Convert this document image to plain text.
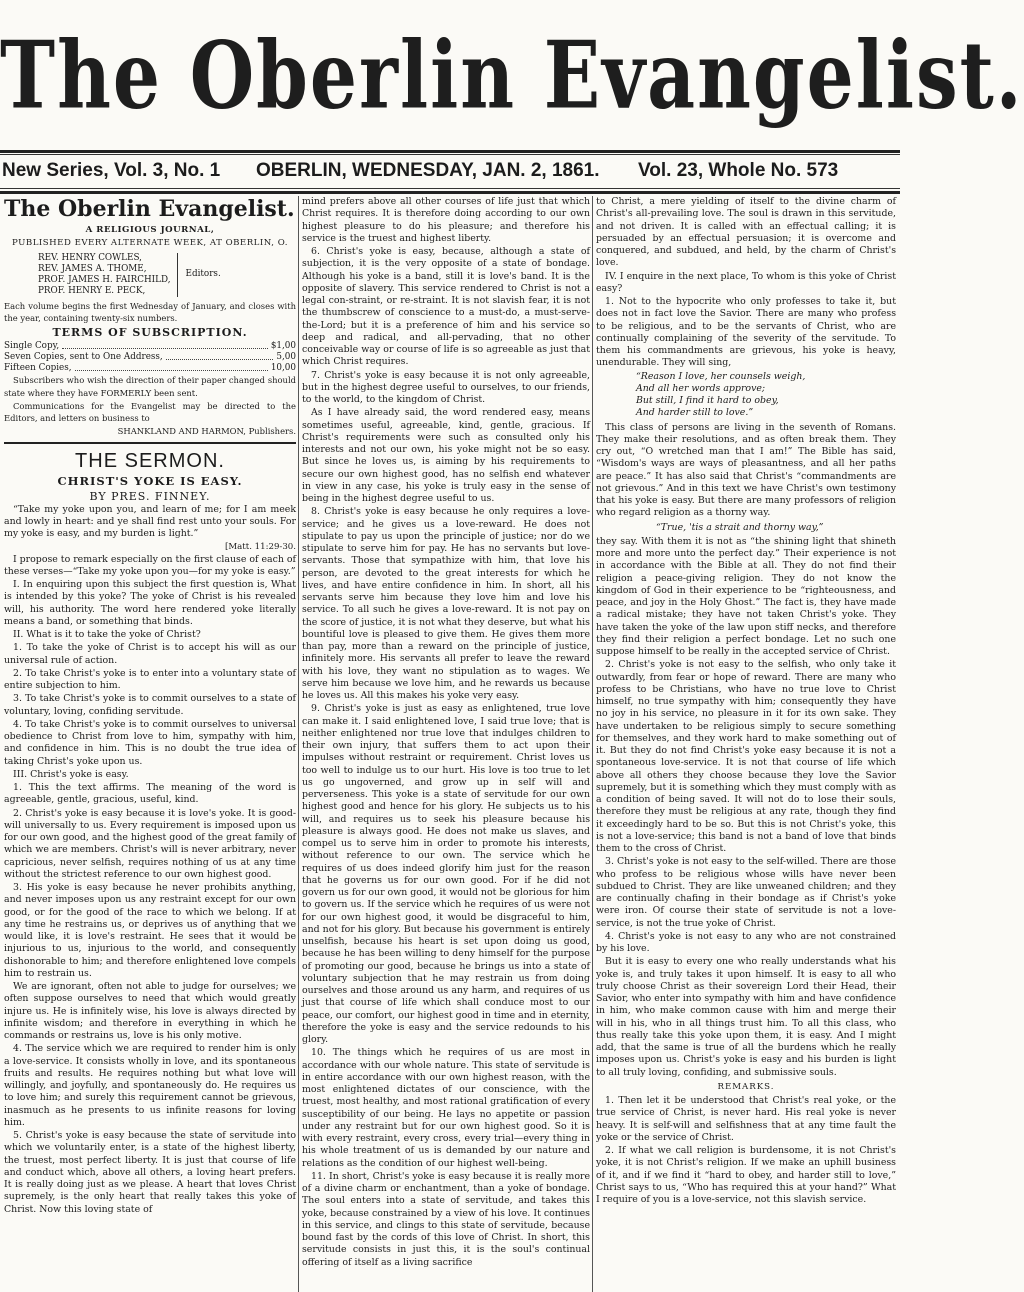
The Oberlin Evangelist.
New Series, Vol. 3, No. 1 OBERLIN, WEDNESDAY, JAN. 2, 1861. Vol. 23, Whole No. 573
The Oberlin Evangelist.

A RELIGIOUS JOURNAL,

PUBLISHED EVERY ALTERNATE WEEK, AT OBERLIN, O.

REV. HENRY COWLES,
REV. JAMES A. THOME,
PROF. JAMES H. FAIRCHILD,
PROF. HENRY E. PECK,
Editors.

Each volume begins the first Wednesday of January, and closes with the year, containing twenty-six numbers.

TERMS OF SUBSCRIPTION.
Single Copy,	$1,00
Seven Copies, sent to One Address,	5,00
Fifteen Copies,	10,00

Subscribers who wish the direction of their paper changed should state where they have FORMERLY been sent.

Communications for the Evangelist may be directed to the Editors, and letters on business to

SHANKLAND AND HARMON, Publishers.

THE SERMON.
CHRIST'S YOKE IS EASY.
BY PRES. FINNEY.

“Take my yoke upon you, and learn of me; for I am meek and lowly in heart: and ye shall find rest unto your souls. For my yoke is easy, and my burden is light.”

[Matt. 11:29-30.

I propose to remark especially on the first clause of each of these verses—“Take my yoke upon you—for my yoke is easy.”

I. In enquiring upon this subject the first question is, What is intended by this yoke? The yoke of Christ is his revealed will, his authority. The word here rendered yoke literally means a band, or something that binds.

II. What is it to take the yoke of Christ?

1. To take the yoke of Christ is to accept his will as our universal rule of action.

2. To take Christ's yoke is to enter into a voluntary state of entire subjection to him.

3. To take Christ's yoke is to commit ourselves to a state of voluntary, loving, confiding servitude.

4. To take Christ's yoke is to commit ourselves to universal obedience to Christ from love to him, sympathy with him, and confidence in him. This is no doubt the true idea of taking Christ's yoke upon us.

III. Christ's yoke is easy.

1. This the text affirms. The meaning of the word is agreeable, gentle, gracious, useful, kind.

2. Christ's yoke is easy because it is love's yoke. It is good-will universally to us. Every requirement is imposed upon us for our own good, and the highest good of the great family of which we are members. Christ's will is never arbitrary, never capricious, never selfish, requires nothing of us at any time without the strictest reference to our own highest good.

3. His yoke is easy because he never prohibits anything, and never imposes upon us any restraint except for our own good, or for the good of the race to which we belong. If at any time he restrains us, or deprives us of anything that we would like, it is love's restraint. He sees that it would be injurious to us, injurious to the world, and consequently dishonorable to him; and therefore enlightened love compels him to restrain us.

We are ignorant, often not able to judge for ourselves; we often suppose ourselves to need that which would greatly injure us. He is infinitely wise, his love is always directed by infinite wisdom; and therefore in everything in which he commands or restrains us, love is his only motive.

4. The service which we are required to render him is only a love-service. It consists wholly in love, and its spontaneous fruits and results. He requires nothing but what love will willingly, and joyfully, and spontaneously do. He requires us to love him; and surely this requirement cannot be grievous, inasmuch as he presents to us infinite reasons for loving him.

5. Christ's yoke is easy because the state of servitude into which we voluntarily enter, is a state of the highest liberty, the truest, most perfect liberty. It is just that course of life and conduct which, above all others, a loving heart prefers. It is really doing just as we please. A heart that loves Christ supremely, is the only heart that really takes this yoke of Christ. Now this loving state of

mind prefers above all other courses of life just that which Christ requires. It is therefore doing according to our own highest pleasure to do his pleasure; and therefore his service is the truest and highest liberty.

6. Christ's yoke is easy, because, although a state of subjection, it is the very opposite of a state of bondage. Although his yoke is a band, still it is love's band. It is the opposite of slavery. This service rendered to Christ is not a legal con-straint, or re-straint. It is not slavish fear, it is not the thumbscrew of conscience to a must-do, a must-serve-the-Lord; but it is a preference of him and his service so deep and radical, and all-pervading, that no other conceivable way or course of life is so agreeable as just that which Christ requires.

7. Christ's yoke is easy because it is not only agreeable, but in the highest degree useful to ourselves, to our friends, to the world, to the kingdom of Christ.

As I have already said, the word rendered easy, means sometimes useful, agreeable, kind, gentle, gracious. If Christ's requirements were such as consulted only his interests and not our own, his yoke might not be so easy. But since he loves us, is aiming by his requirements to secure our own highest good, has no selfish end whatever in view in any case, his yoke is truly easy in the sense of being in the highest degree useful to us.

8. Christ's yoke is easy because he only requires a love-service; and he gives us a love-reward. He does not stipulate to pay us upon the principle of justice; nor do we stipulate to serve him for pay. He has no servants but love-servants. Those that sympathize with him, that love his person, are devoted to the great interests for which he lives, and have entire confidence in him. In short, all his servants serve him because they love him and love his service. To all such he gives a love-reward. It is not pay on the score of justice, it is not what they deserve, but what his bountiful love is pleased to give them. He gives them more than pay, more than a reward on the principle of justice, infinitely more. His servants all prefer to leave the reward with his love, they want no stipulation as to wages. We serve him because we love him, and he rewards us because he loves us. All this makes his yoke very easy.

9. Christ's yoke is just as easy as enlightened, true love can make it. I said enlightened love, I said true love; that is neither enlightened nor true love that indulges children to their own injury, that suffers them to act upon their impulses without restraint or requirement. Christ loves us too well to indulge us to our hurt. His love is too true to let us go ungoverned, and grow up in self will and perverseness. This yoke is a state of servitude for our own highest good and hence for his glory. He subjects us to his will, and requires us to seek his pleasure because his pleasure is always good. He does not make us slaves, and compel us to serve him in order to promote his interests, without reference to our own. The service which he requires of us does indeed glorify him just for the reason that he governs us for our own good. For if he did not govern us for our own good, it would not be glorious for him to govern us. If the service which he requires of us were not for our own highest good, it would be disgraceful to him, and not for his glory. But because his government is entirely unselfish, because his heart is set upon doing us good, because he has been willing to deny himself for the purpose of promoting our good, because he brings us into a state of voluntary subjection that he may restrain us from doing ourselves and those around us any harm, and requires of us just that course of life which shall conduce most to our peace, our comfort, our highest good in time and in eternity, therefore the yoke is easy and the service redounds to his glory.

10. The things which he requires of us are most in accordance with our whole nature. This state of servitude is in entire accordance with our own highest reason, with the most enlightened dictates of our conscience, with the truest, most healthy, and most rational gratification of every susceptibility of our being. He lays no appetite or passion under any restraint but for our own highest good. So it is with every restraint, every cross, every trial—every thing in his whole treatment of us is demanded by our nature and relations as the condition of our highest well-being.

11. In short, Christ's yoke is easy because it is really more of a divine charm or enchantment, than a yoke of bondage. The soul enters into a state of servitude, and takes this yoke, because constrained by a view of his love. It continues in this service, and clings to this state of servitude, because bound fast by the cords of this love of Christ. In short, this servitude consists in just this, it is the soul's continual offering of itself as a living sacrifice

to Christ, a mere yielding of itself to the divine charm of Christ's all-prevailing love. The soul is drawn in this servitude, and not driven. It is called with an effectual calling; it is persuaded by an effectual persuasion; it is overcome and conquered, and subdued, and held, by the charm of Christ's love.

IV. I enquire in the next place, To whom is this yoke of Christ easy?

1. Not to the hypocrite who only professes to take it, but does not in fact love the Savior. There are many who profess to be religious, and to be the servants of Christ, who are continually complaining of the severity of the servitude. To them his commandments are grievous, his yoke is heavy, unendurable. They will sing,

“Reason I love, her counsels weigh,

And all her words approve;

But still, I find it hard to obey,

And harder still to love.”

This class of persons are living in the seventh of Romans. They make their resolutions, and as often break them. They cry out, “O wretched man that I am!” The Bible has said, “Wisdom's ways are ways of pleasantness, and all her paths are peace.” It has also said that Christ's “commandments are not grievous.” And in this text we have Christ's own testimony that his yoke is easy. But there are many professors of religion who regard religion as a thorny way.

“True, 'tis a strait and thorny way,”

they say. With them it is not as “the shining light that shineth more and more unto the perfect day.” Their experience is not in accordance with the Bible at all. They do not find their religion a peace-giving religion. They do not know the kingdom of God in their experience to be “righteousness, and peace, and joy in the Holy Ghost.” The fact is, they have made a radical mistake; they have not taken Christ's yoke. They have taken the yoke of the law upon stiff necks, and therefore they find their religion a perfect bondage. Let no such one suppose himself to be really in the accepted service of Christ.

2. Christ's yoke is not easy to the selfish, who only take it outwardly, from fear or hope of reward. There are many who profess to be Christians, who have no true love to Christ himself, no true sympathy with him; consequently they have no joy in his service, no pleasure in it for its own sake. They have undertaken to be religious simply to secure something for themselves, and they work hard to make something out of it. But they do not find Christ's yoke easy because it is not a spontaneous love-service. It is not that course of life which above all others they choose because they love the Savior supremely, but it is something which they must comply with as a condition of being saved. It will not do to lose their souls, therefore they must be religious at any rate, though they find it exceedingly hard to be so. But this is not Christ's yoke, this is not a love-service; this band is not a band of love that binds them to the cross of Christ.

3. Christ's yoke is not easy to the self-willed. There are those who profess to be religious whose wills have never been subdued to Christ. They are like unweaned children; and they are continually chafing in their bondage as if Christ's yoke were iron. Of course their state of servitude is not a love-service, is not the true yoke of Christ.

4. Christ's yoke is not easy to any who are not constrained by his love.

But it is easy to every one who really understands what his yoke is, and truly takes it upon himself. It is easy to all who truly choose Christ as their sovereign Lord their Head, their Savior, who enter into sympathy with him and have confidence in him, who make common cause with him and merge their will in his, who in all things trust him. To all this class, who thus really take this yoke upon them, it is easy. And I might add, that the same is true of all the burdens which he really imposes upon us. Christ's yoke is easy and his burden is light to all truly loving, confiding, and submissive souls.

REMARKS.

1. Then let it be understood that Christ's real yoke, or the true service of Christ, is never hard. His real yoke is never heavy. It is self-will and selfishness that at any time fault the yoke or the service of Christ.

2. If what we call religion is burdensome, it is not Christ's yoke, it is not Christ's religion. If we make an uphill business of it, and if we find it “hard to obey, and harder still to love,” Christ says to us, “Who has required this at your hand?” What I require of you is a love-service, not this slavish service.
